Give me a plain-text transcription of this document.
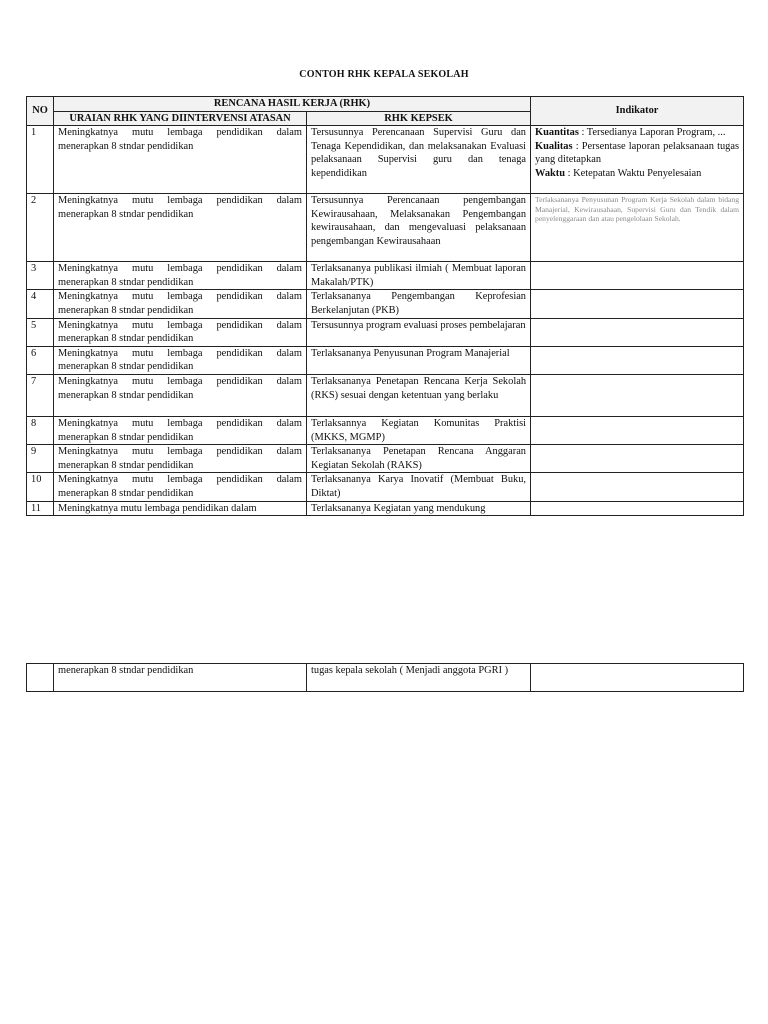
CONTOH RHK KEPALA SEKOLAH
NO	RENCANA HASIL KERJA (RHK)		Indikator
	URAIAN RHK YANG DIINTERVENSI ATASAN	RHK KEPSEK	
1	Meningkatnya mutu lembaga pendidikan dalam menerapkan 8 stndar pendidikan	Tersusunnya Perencanaan Supervisi Guru dan Tenaga Kependidikan, dan melaksanakan Evaluasi pelaksanaan Supervisi guru dan tenaga kependidikan	Kuantitas : Tersedianya Laporan Program, ...
Kualitas : Persentase laporan pelaksanaan tugas yang ditetapkan
Waktu : Ketepatan Waktu Penyelesaian

2	Meningkatnya mutu lembaga pendidikan dalam menerapkan 8 stndar pendidikan	Tersusunnya Perencanaan pengembangan Kewirausahaan, Melaksanakan Pengembangan kewirausahaan, dan mengevaluasi pelaksanaan pengembangan Kewirausahaan	Terlaksananya Penyusunan Program Kerja Sekolah dalam bidang Manajerial, Kewirausahaan, Supervisi Guru dan Tendik dalam penyelenggaraan dan atau pengelolaan Sekolah.

3	Meningkatnya mutu lembaga pendidikan dalam menerapkan 8 stndar pendidikan	Terlaksananya publikasi ilmiah ( Membuat laporan Makalah/PTK)	
4	Meningkatnya mutu lembaga pendidikan dalam menerapkan 8 stndar pendidikan	Terlaksananya Pengembangan Keprofesian Berkelanjutan (PKB)	
5	Meningkatnya mutu lembaga pendidikan dalam menerapkan 8 stndar pendidikan	Tersusunnya program evaluasi proses pembelajaran	
6	Meningkatnya mutu lembaga pendidikan dalam menerapkan 8 stndar pendidikan	Terlaksananya Penyusunan Program Manajerial	
7	Meningkatnya mutu lembaga pendidikan dalam menerapkan 8 stndar pendidikan	Terlaksananya Penetapan Rencana Kerja Sekolah (RKS) sesuai dengan ketentuan yang berlaku	
8	Meningkatnya mutu lembaga pendidikan dalam menerapkan 8 stndar pendidikan	Terlaksannya Kegiatan Komunitas Praktisi (MKKS, MGMP)	
9	Meningkatnya mutu lembaga pendidikan dalam menerapkan 8 stndar pendidikan	Terlaksananya Penetapan Rencana Anggaran Kegiatan Sekolah (RAKS)	
10	Meningkatnya mutu lembaga pendidikan dalam menerapkan 8 stndar pendidikan	Terlaksananya Karya Inovatif (Membuat Buku, Diktat)	
11	Meningkatnya mutu lembaga pendidikan dalam	Terlaksananya Kegiatan yang mendukung	
	menerapkan 8 stndar pendidikan	tugas kepala sekolah ( Menjadi anggota PGRI )	
